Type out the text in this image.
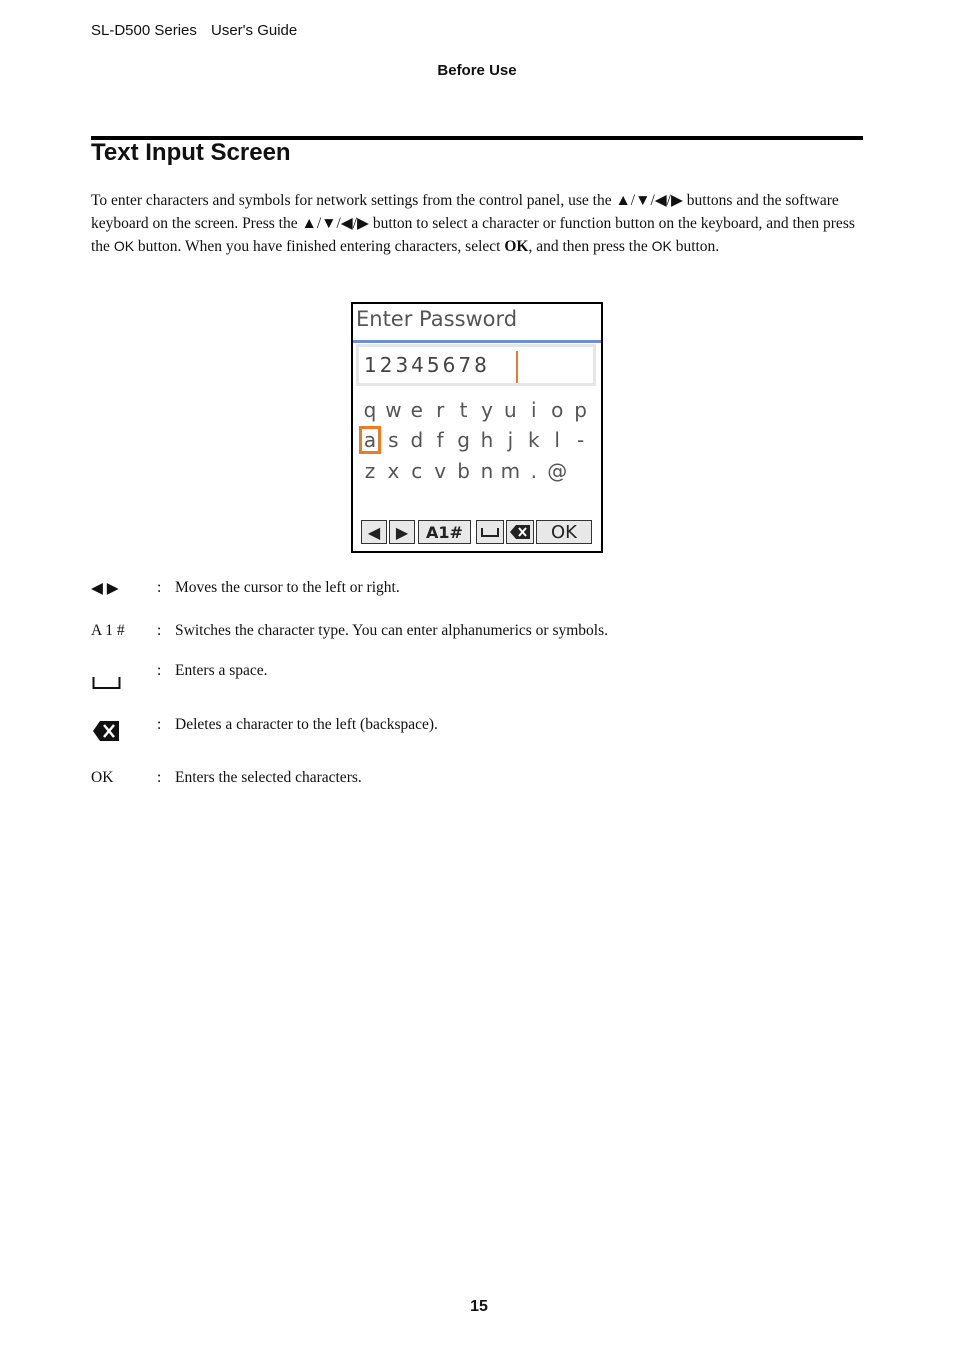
SL-D500 Series User's Guide
Before Use
Text Input Screen

To enter characters and symbols for network settings from the control panel, use the ▲/▼/◀/▶ buttons and the software keyboard on the screen. Press the ▲/▼/◀/▶ button to select a character or function button on the keyboard, and then press the OK button. When you have finished entering characters, select OK, and then press the OK button.

Enter Password
12345678
q w e r t y u i o p
a s d f g h j k l -
z x c v b n m . @
◀ ▶	A1#	OK
◀ ▶ : Moves the cursor to the left or right.
A 1 # : Switches the character type. You can enter alphanumerics or symbols.
: Enters a space.
: Deletes a character to the left (backspace).
OK	: Enters the selected characters.
15
